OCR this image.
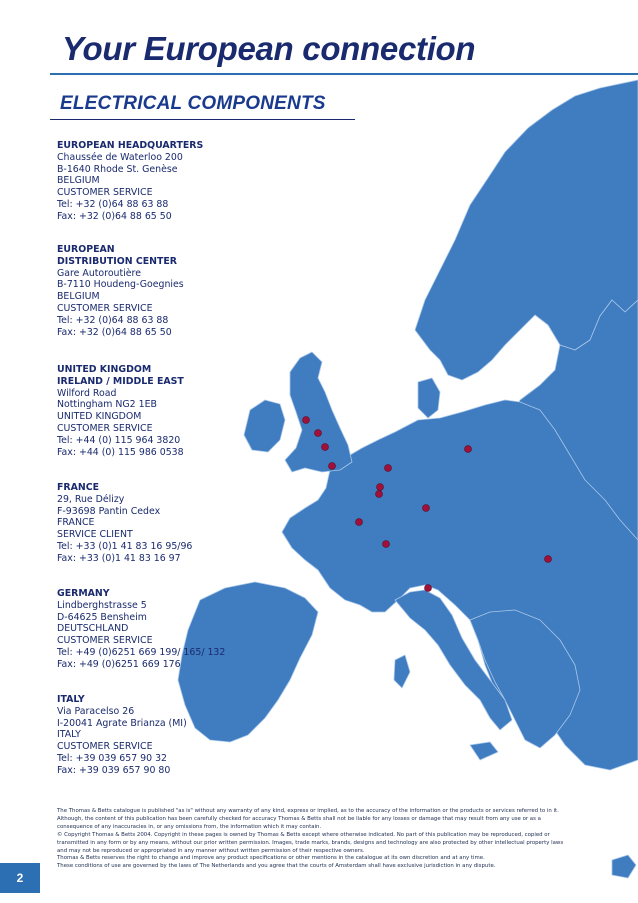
Your European connection
ELECTRICAL COMPONENTS
EUROPEAN HEADQUARTERS
Chaussée de Waterloo 200
B-1640 Rhode St. Genèse
BELGIUM
CUSTOMER SERVICE
Tel: +32 (0)64 88 63 88
Fax: +32 (0)64 88 65 50
EUROPEAN
DISTRIBUTION CENTER
Gare Autoroutière
B-7110 Houdeng-Goegnies
BELGIUM
CUSTOMER SERVICE
Tel: +32 (0)64 88 63 88
Fax: +32 (0)64 88 65 50
UNITED KINGDOM
IRELAND / MIDDLE EAST
Wilford Road
Nottingham NG2 1EB
UNITED KINGDOM
CUSTOMER SERVICE
Tel: +44 (0) 115 964 3820
Fax: +44 (0) 115 986 0538
FRANCE
29, Rue Délizy
F-93698 Pantin Cedex
FRANCE
SERVICE CLIENT
Tel: +33 (0)1 41 83 16 95/96
Fax: +33 (0)1 41 83 16 97
GERMANY
Lindberghstrasse 5
D-64625 Bensheim
DEUTSCHLAND
CUSTOMER SERVICE
Tel: +49 (0)6251 669 199/ 165/ 132
Fax: +49 (0)6251 669 176
ITALY
Via Paracelso 26
I-20041 Agrate Brianza (MI)
ITALY
CUSTOMER SERVICE
Tel: +39 039 657 90 32
Fax: +39 039 657 90 80

The Thomas & Betts catalogue is published "as is" without any warranty of any kind, express or implied, as to the accuracy of the information or the products or services referred to in it.

Although, the content of this publication has been carefully checked for accuracy Thomas & Betts shall not be liable for any losses or damage that may result from any use or as a

consequence of any inaccuracies in, or any omissions from, the information which it may contain.

© Copyright Thomas & Betts 2004. Copyright in these pages is owned by Thomas & Betts except where otherwise indicated. No part of this publication may be reproduced, copied or

transmitted in any form or by any means, without our prior written permission. Images, trade marks, brands, designs and technology are also protected by other intellectual property laws

and may not be reproduced or appropriated in any manner without written permission of their respective owners.

Thomas & Betts reserves the right to change and improve any product specifications or other mentions in the catalogue at its own discretion and at any time.

These conditions of use are governed by the laws of The Netherlands and you agree that the courts of Amsterdam shall have exclusive jurisdiction in any dispute.

2
